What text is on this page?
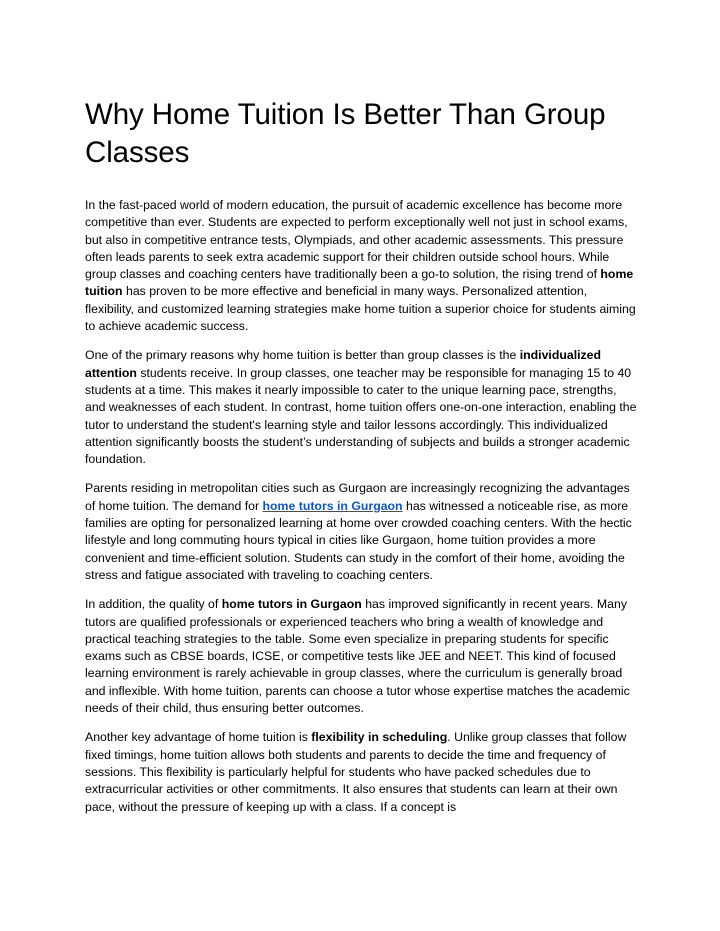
Why Home Tuition Is Better Than Group Classes

In the fast-paced world of modern education, the pursuit of academic excellence has become more competitive than ever. Students are expected to perform exceptionally well not just in school exams, but also in competitive entrance tests, Olympiads, and other academic assessments. This pressure often leads parents to seek extra academic support for their children outside school hours. While group classes and coaching centers have traditionally been a go-to solution, the rising trend of home tuition has proven to be more effective and beneficial in many ways. Personalized attention, flexibility, and customized learning strategies make home tuition a superior choice for students aiming to achieve academic success.

One of the primary reasons why home tuition is better than group classes is the individualized attention students receive. In group classes, one teacher may be responsible for managing 15 to 40 students at a time. This makes it nearly impossible to cater to the unique learning pace, strengths, and weaknesses of each student. In contrast, home tuition offers one-on-one interaction, enabling the tutor to understand the student's learning style and tailor lessons accordingly. This individualized attention significantly boosts the student’s understanding of subjects and builds a stronger academic foundation.

Parents residing in metropolitan cities such as Gurgaon are increasingly recognizing the advantages of home tuition. The demand for home tutors in Gurgaon has witnessed a noticeable rise, as more families are opting for personalized learning at home over crowded coaching centers. With the hectic lifestyle and long commuting hours typical in cities like Gurgaon, home tuition provides a more convenient and time-efficient solution. Students can study in the comfort of their home, avoiding the stress and fatigue associated with traveling to coaching centers.

In addition, the quality of home tutors in Gurgaon has improved significantly in recent years. Many tutors are qualified professionals or experienced teachers who bring a wealth of knowledge and practical teaching strategies to the table. Some even specialize in preparing students for specific exams such as CBSE boards, ICSE, or competitive tests like JEE and NEET. This kind of focused learning environment is rarely achievable in group classes, where the curriculum is generally broad and inflexible. With home tuition, parents can choose a tutor whose expertise matches the academic needs of their child, thus ensuring better outcomes.

Another key advantage of home tuition is flexibility in scheduling. Unlike group classes that follow fixed timings, home tuition allows both students and parents to decide the time and frequency of sessions. This flexibility is particularly helpful for students who have packed schedules due to extracurricular activities or other commitments. It also ensures that students can learn at their own pace, without the pressure of keeping up with a class. If a concept is
